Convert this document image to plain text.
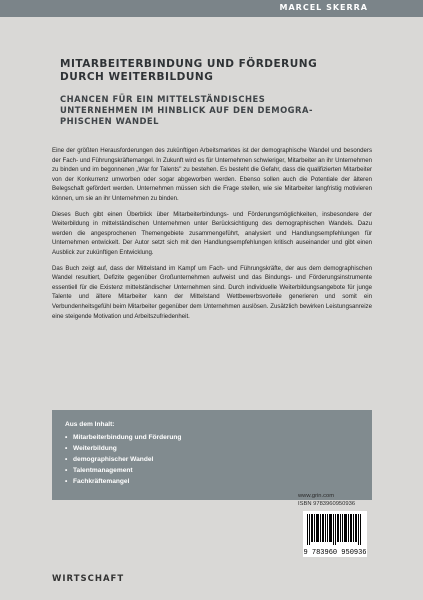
MARCEL SKERRA
MITARBEITERBINDUNG UND FÖRDERUNG
DURCH WEITERBILDUNG
CHANCEN FÜR EIN MITTELSTÄNDISCHES
UNTERNEHMEN IM HINBLICK AUF DEN DEMOGRA-
PHISCHEN WANDEL

Eine der größten Herausforderungen des zukünftigen Arbeitsmarktes ist der demographische Wandel und besonders der Fach- und Führungskräftemangel. In Zukunft wird es für Unternehmen schwieriger, Mitarbeiter an ihr Unternehmen zu binden und im begonnenen „War for Talents" zu bestehen. Es besteht die Gefahr, dass die qualifizierten Mitarbeiter von der Konkurrenz umworben oder sogar abgeworben werden. Ebenso sollen auch die Potentiale der älteren Belegschaft gefördert werden. Unternehmen müssen sich die Frage stellen, wie sie Mitarbeiter langfristig motivieren können, um sie an ihr Unternehmen zu binden.

Dieses Buch gibt einen Überblick über Mitarbeiterbindungs- und Förderungsmöglichkeiten, insbesondere der Weiterbildung in mittelständischen Unternehmen unter Berücksichtigung des demographischen Wandels. Dazu werden die angesprochenen Themengebiete zusammengeführt, analysiert und Handlungsempfehlungen für Unternehmen entwickelt. Der Autor setzt sich mit den Handlungsempfehlungen kritisch auseinander und gibt einen Ausblick zur zukünftigen Entwicklung.

Das Buch zeigt auf, dass der Mittelstand im Kampf um Fach- und Führungskräfte, der aus dem demographischen Wandel resultiert, Defizite gegenüber Großunternehmen aufweist und das Bindungs- und Förderungsinstrumente essentiell für die Existenz mittelständischer Unternehmen sind. Durch individuelle Weiterbildungsangebote für junge Talente und ältere Mitarbeiter kann der Mittelstand Wettbewerbsvorteile generieren und somit ein Verbundenheitsgefühl beim Mitarbeiter gegenüber dem Unternehmen auslösen. Zusätzlich bewirken Leistungsanreize eine steigende Motivation und Arbeitszufriedenheit.

Aus dem Inhalt:
• Mitarbeiterbindung und Förderung
• Weiterbildung
• demographischer Wandel
• Talentmanagement
• Fachkräftemangel
www.grin.com
ISBN 9783960950936
9 783960 950936
WIRTSCHAFT
